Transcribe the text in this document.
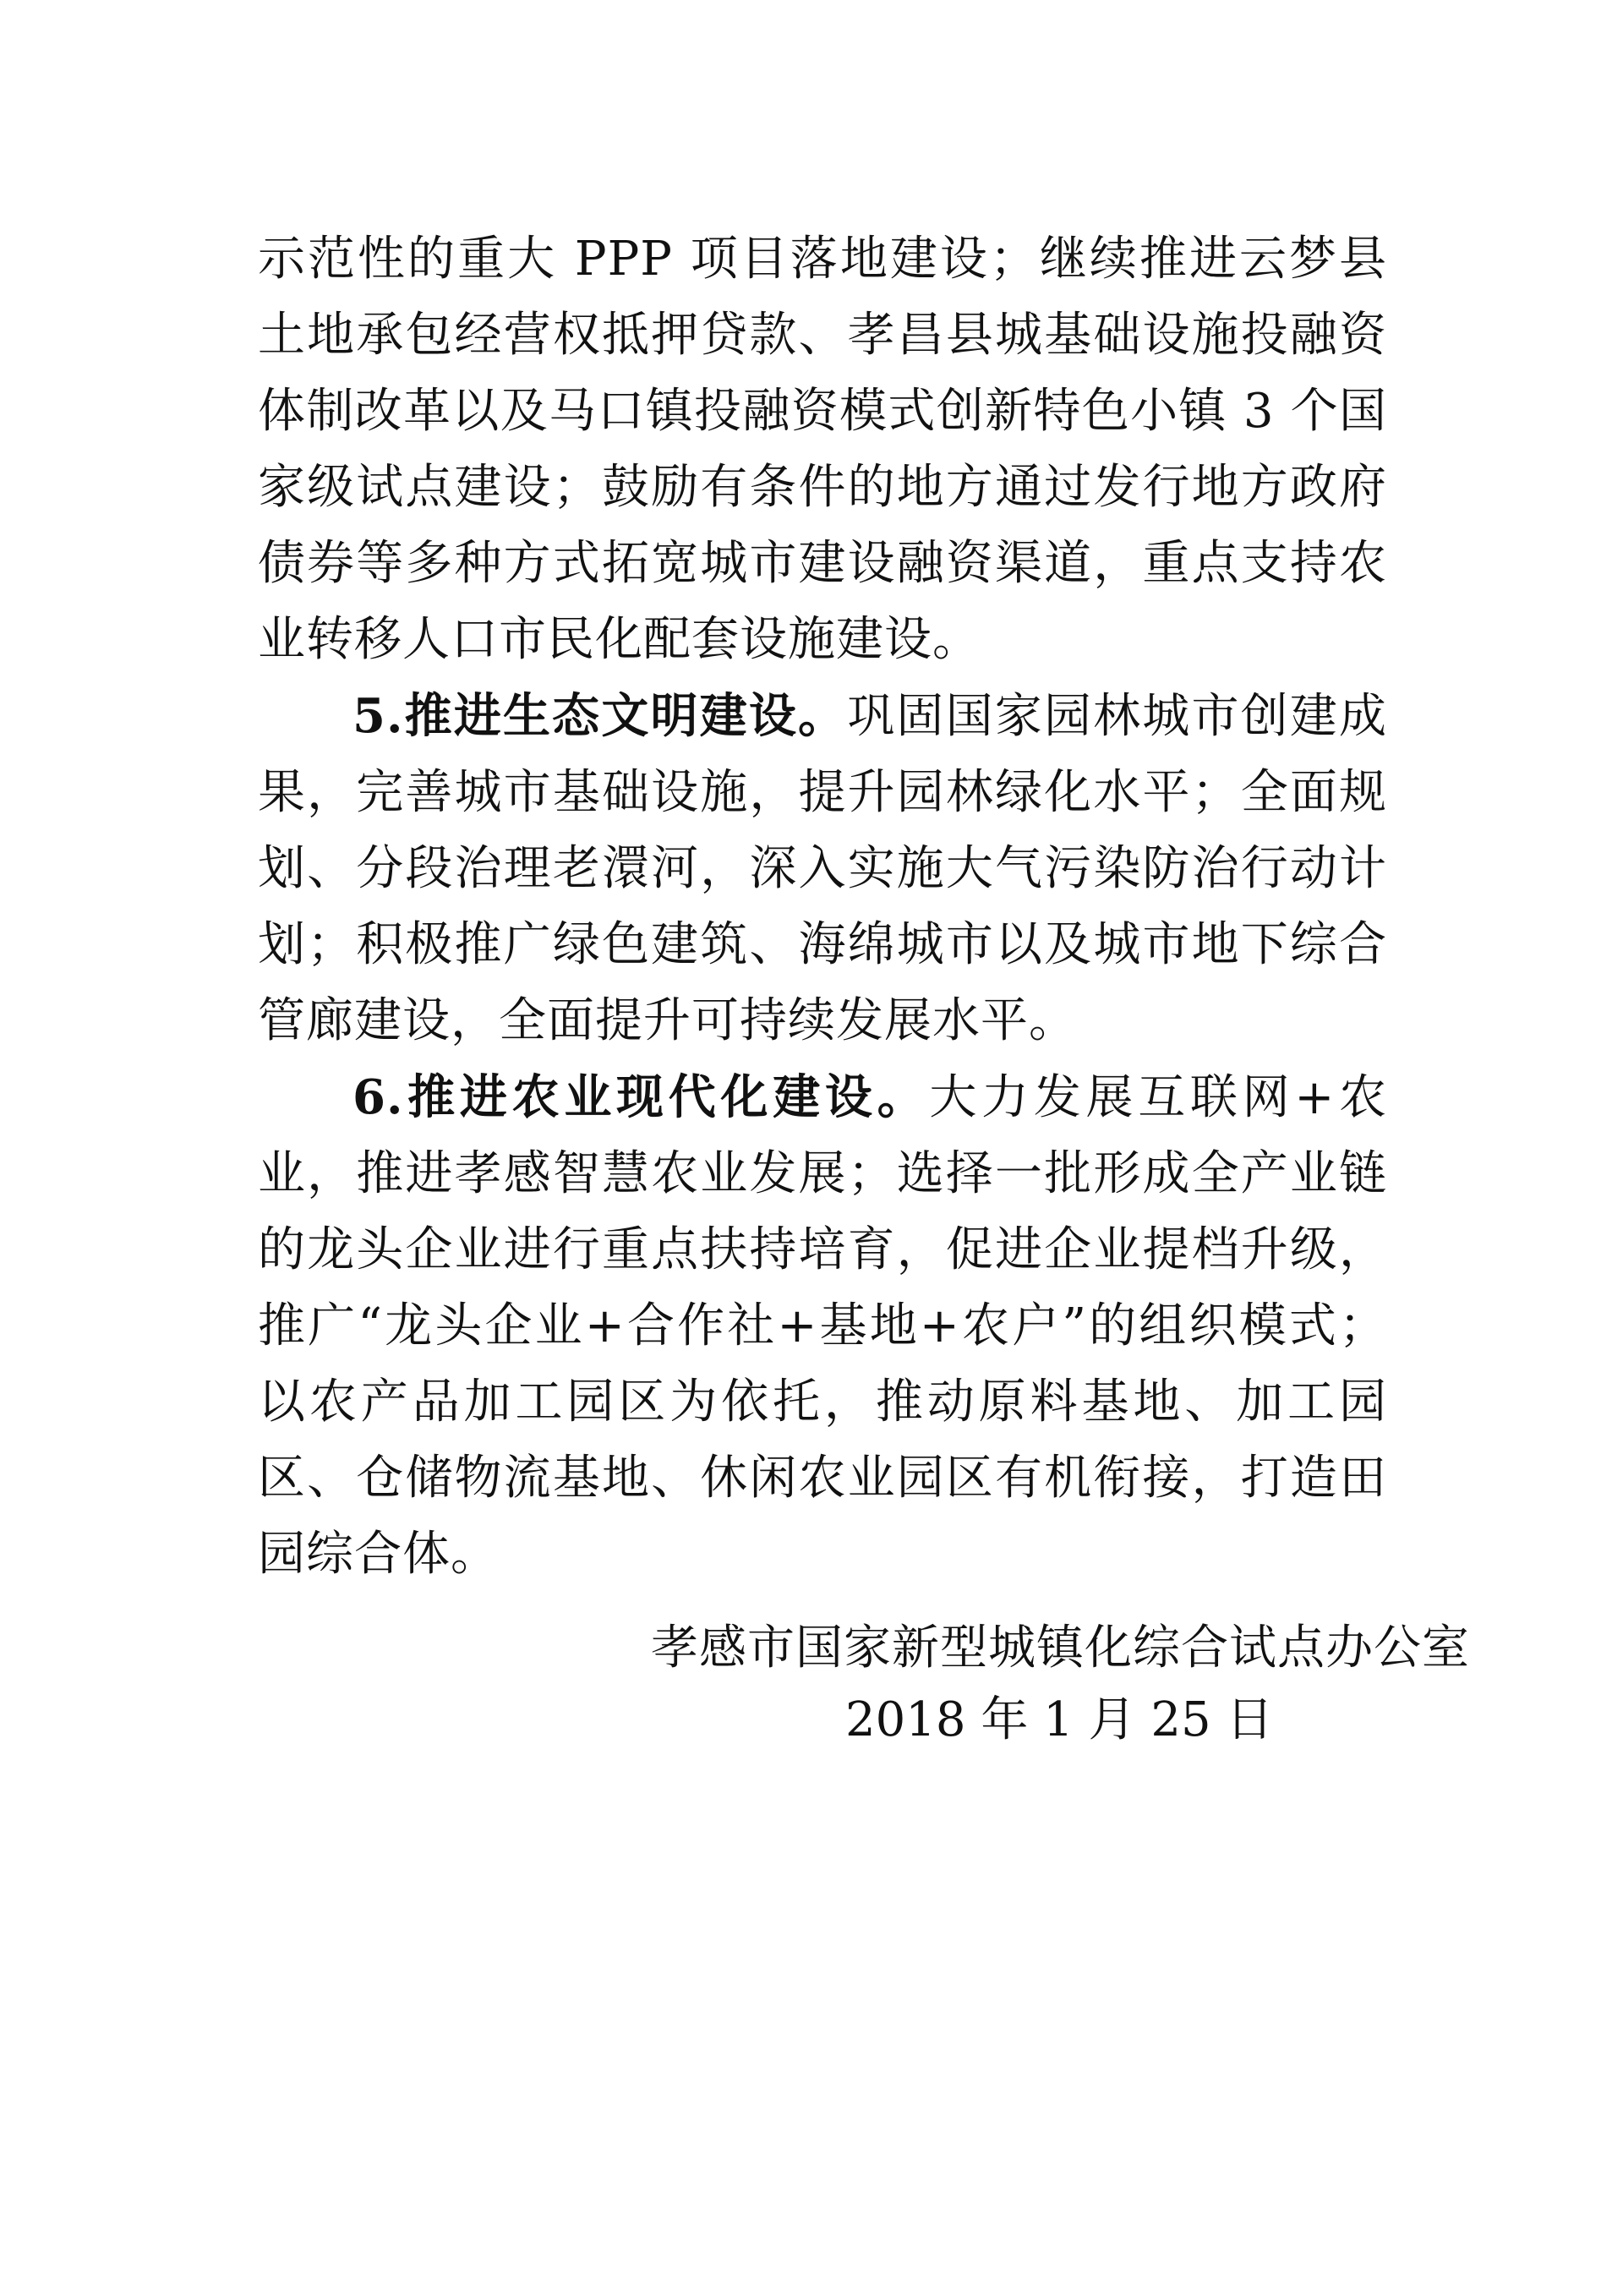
示范性的重大 PPP 项目落地建设；继续推进云梦县土地承包经营权抵押贷款、孝昌县城基础设施投融资体制改革以及马口镇投融资模式创新特色小镇 3 个国家级试点建设；鼓励有条件的地方通过发行地方政府债券等多种方式拓宽城市建设融资渠道，重点支持农业转移人口市民化配套设施建设。

5.推进生态文明建设。巩固国家园林城市创建成果，完善城市基础设施，提升园林绿化水平；全面规划、分段治理老澴河，深入实施大气污染防治行动计划；积极推广绿色建筑、海绵城市以及城市地下综合管廊建设，全面提升可持续发展水平。

6.推进农业现代化建设。大力发展互联网+农业，推进孝感智慧农业发展；选择一批形成全产业链的龙头企业进行重点扶持培育，促进企业提档升级，推广“龙头企业+合作社+基地+农户”的组织模式；以农产品加工园区为依托，推动原料基地、加工园区、仓储物流基地、休闲农业园区有机衔接，打造田园综合体。

孝感市国家新型城镇化综合试点办公室
2018 年 1 月 25 日
